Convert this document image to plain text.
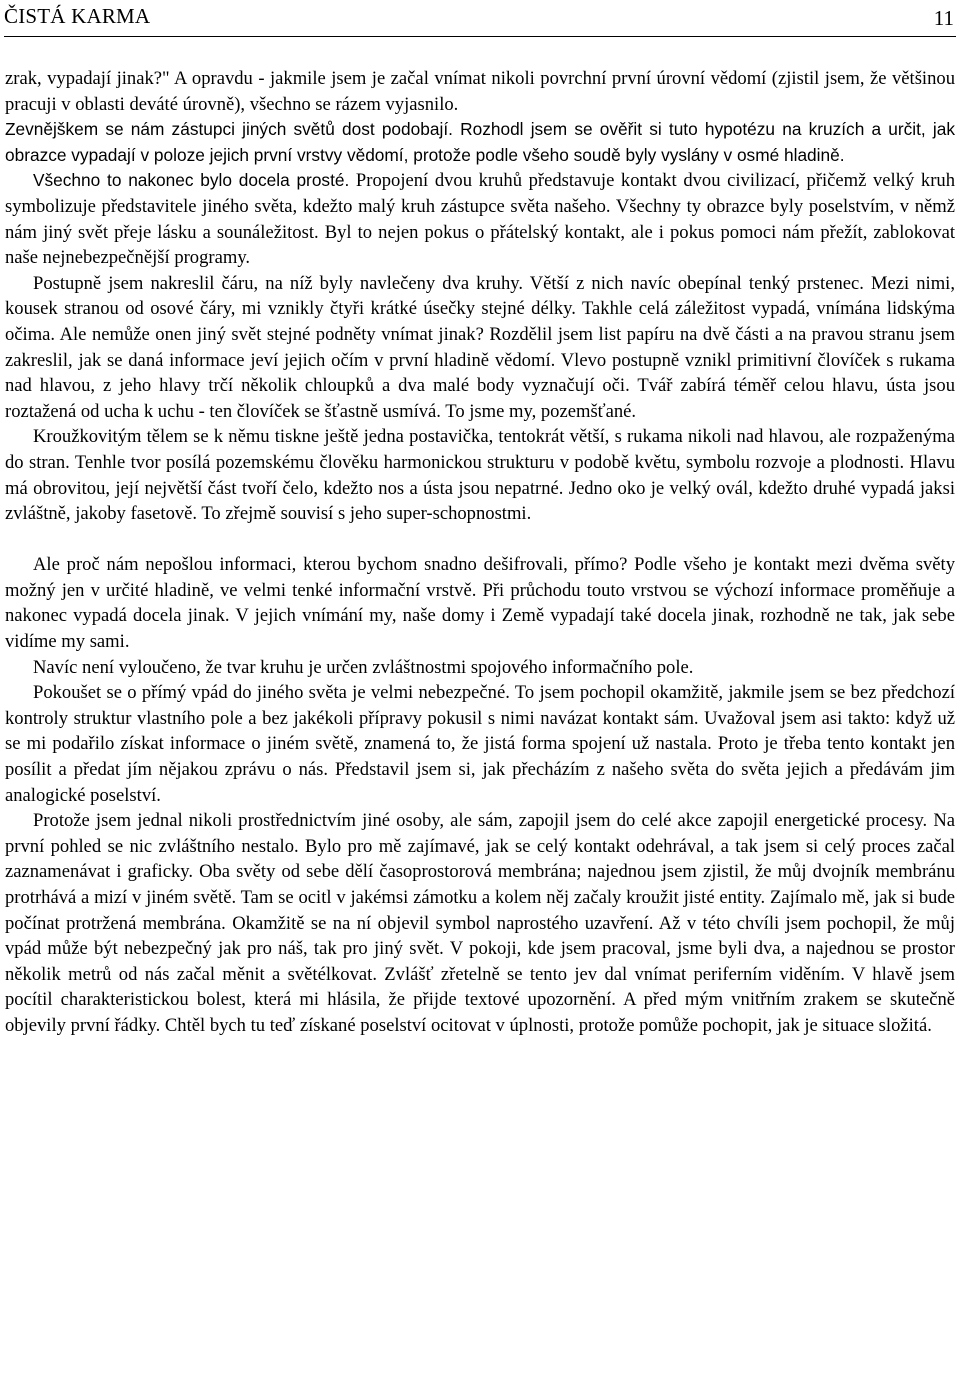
ČISTÁ KARMA	11

zrak, vypadají jinak?" A opravdu - jakmile jsem je začal vnímat nikoli povrchní první úrovní vědomí (zjistil jsem, že většinou pracuji v oblasti deváté úrovně), všechno se rázem vyjasnilo.

Zevnějškem se nám zástupci jiných světů dost podobají. Rozhodl jsem se ověřit si tuto hypotézu na kruzích a určit, jak obrazce vypadají v poloze jejich první vrstvy vědomí, protože podle všeho soudě byly vyslány v osmé hladině.

Všechno to nakonec bylo docela prosté. Propojení dvou kruhů představuje kontakt dvou civilizací, přičemž velký kruh symbolizuje představitele jiného světa, kdežto malý kruh zástupce světa našeho. Všechny ty obrazce byly poselstvím, v němž nám jiný svět přeje lásku a sounáležitost. Byl to nejen pokus o přátelský kontakt, ale i pokus pomoci nám přežít, zablokovat naše nejnebezpečnější programy.

Postupně jsem nakreslil čáru, na níž byly navlečeny dva kruhy. Větší z nich navíc obepínal tenký prstenec. Mezi nimi, kousek stranou od osové čáry, mi vznikly čtyři krátké úsečky stejné délky. Takhle celá záležitost vypadá, vnímána lidskýma očima. Ale nemůže onen jiný svět stejné podněty vnímat jinak? Rozdělil jsem list papíru na dvě části a na pravou stranu jsem zakreslil, jak se daná informace jeví jejich očím v první hladině vědomí. Vlevo postupně vznikl primitivní človíček s rukama nad hlavou, z jeho hlavy trčí několik chloupků a dva malé body vyznačují oči. Tvář zabírá téměř celou hlavu, ústa jsou roztažená od ucha k uchu - ten človíček se šťastně usmívá. To jsme my, pozemšťané.

Kroužkovitým tělem se k němu tiskne ještě jedna postavička, tentokrát větší, s rukama nikoli nad hlavou, ale rozpaženýma do stran. Tenhle tvor posílá pozemskému člověku harmonickou strukturu v podobě květu, symbolu rozvoje a plodnosti. Hlavu má obrovitou, její největší část tvoří čelo, kdežto nos a ústa jsou nepatrné. Jedno oko je velký ovál, kdežto druhé vypadá jaksi zvláštně, jakoby fasetově. To zřejmě souvisí s jeho super-schopnostmi.

Ale proč nám nepošlou informaci, kterou bychom snadno dešifrovali, přímo? Podle všeho je kontakt mezi dvěma světy možný jen v určité hladině, ve velmi tenké informační vrstvě. Při průchodu touto vrstvou se výchozí informace proměňuje a nakonec vypadá docela jinak. V jejich vnímání my, naše domy i Země vypadají také docela jinak, rozhodně ne tak, jak sebe vidíme my sami.

Navíc není vyloučeno, že tvar kruhu je určen zvláštnostmi spojového informačního pole.

Pokoušet se o přímý vpád do jiného světa je velmi nebezpečné. To jsem pochopil okamžitě, jakmile jsem se bez předchozí kontroly struktur vlastního pole a bez jakékoli přípravy pokusil s nimi navázat kontakt sám. Uvažoval jsem asi takto: když už se mi podařilo získat informace o jiném světě, znamená to, že jistá forma spojení už nastala. Proto je třeba tento kontakt jen posílit a předat jím nějakou zprávu o nás. Představil jsem si, jak přecházím z našeho světa do světa jejich a předávám jim analogické poselství.

Protože jsem jednal nikoli prostřednictvím jiné osoby, ale sám, zapojil jsem do celé akce zapojil energetické procesy. Na první pohled se nic zvláštního nestalo. Bylo pro mě zajímavé, jak se celý kontakt odehrával, a tak jsem si celý proces začal zaznamenávat i graficky. Oba světy od sebe dělí časoprostorová membrána; najednou jsem zjistil, že můj dvojník membránu protrhává a mizí v jiném světě. Tam se ocitl v jakémsi zámotku a kolem něj začaly kroužit jisté entity. Zajímalo mě, jak si bude počínat protržená membrána. Okamžitě se na ní objevil symbol naprostého uzavření. Až v této chvíli jsem pochopil, že můj vpád může být nebezpečný jak pro náš, tak pro jiný svět. V pokoji, kde jsem pracoval, jsme byli dva, a najednou se prostor několik metrů od nás začal měnit a světélkovat. Zvlášť zřetelně se tento jev dal vnímat periferním viděním. V hlavě jsem pocítil charakteristickou bolest, která mi hlásila, že přijde textové upozornění. A před mým vnitřním zrakem se skutečně objevily první řádky. Chtěl bych tu teď získané poselství ocitovat v úplnosti, protože pomůže pochopit, jak je situace složitá.
